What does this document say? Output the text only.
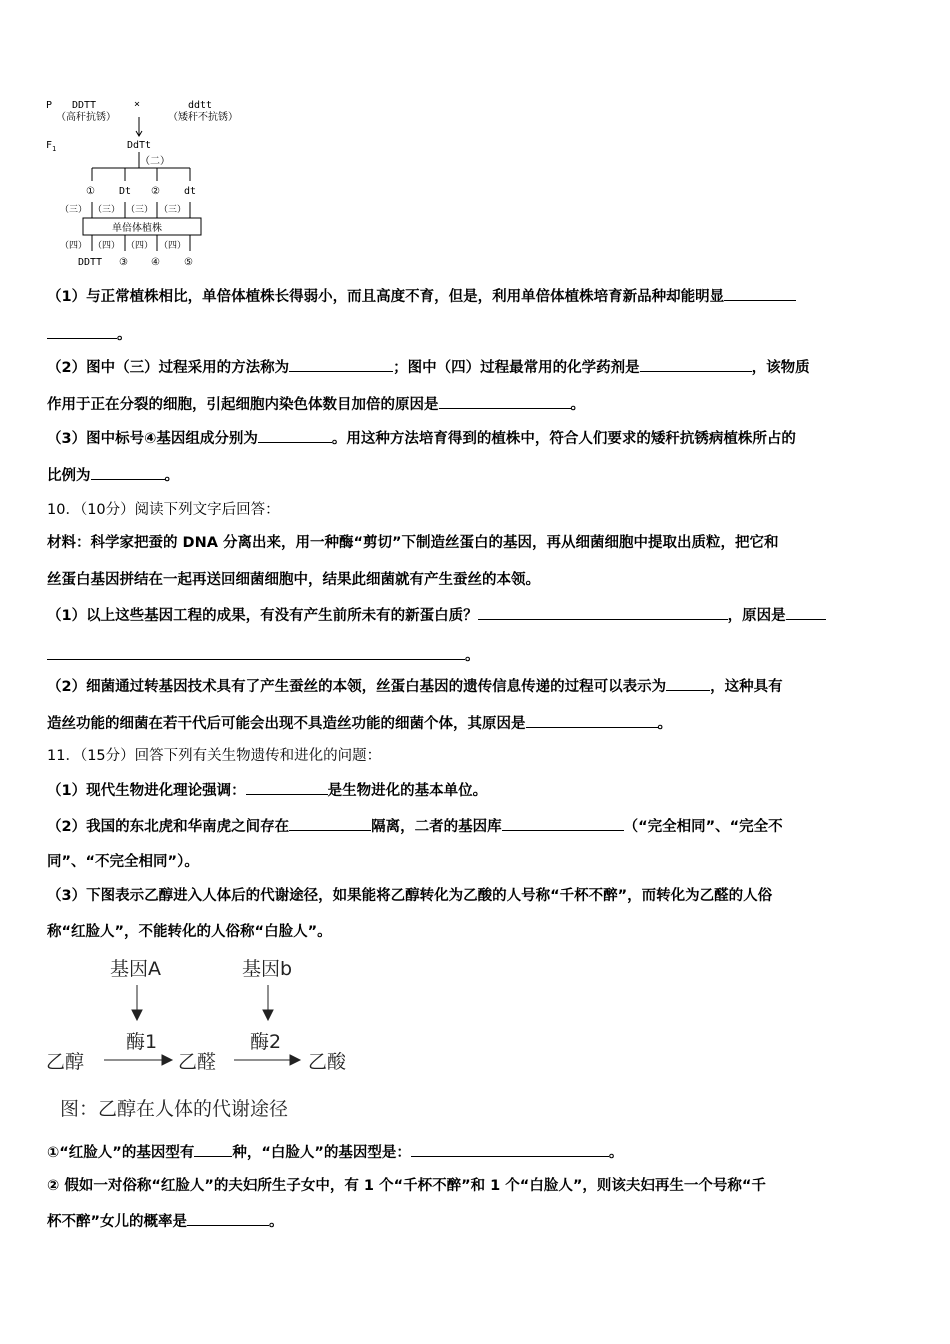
P DDTT
（高秆抗锈）
×	ddtt
（矮秆不抗锈）
$F_1$	DdTt
（二）
① Dt ② dt
（三） （三） （三） （三）
单倍体植株
（四） （四） （四） （四）
DDTT ③ ④ ⑤
（1）与正常植株相比，单倍体植株长得弱小，而且高度不育，但是，利用单倍体植株培育新品种却能明显
。
（2）图中（三）过程采用的方法称为	；图中（四）过程最常用的化学药剂是	，该物质
作用于正在分裂的细胞，引起细胞内染色体数目加倍的原因是	。
（3）图中标号④基因组成分别为	。用这种方法培育得到的植株中，符合人们要求的矮秆抗锈病植株所占的
比例为	。
10．（10分）阅读下列文字后回答：
材料：科学家把蚕的 DNA 分离出来，用一种酶“剪切”下制造丝蛋白的基因，再从细菌细胞中提取出质粒，把它和
丝蛋白基因拼结在一起再送回细菌细胞中，结果此细菌就有产生蚕丝的本领。
（1）以上这些基因工程的成果，有没有产生前所未有的新蛋白质？	，原因是
。
（2）细菌通过转基因技术具有了产生蚕丝的本领，丝蛋白基因的遗传信息传递的过程可以表示为	，这种具有
造丝功能的细菌在若干代后可能会出现不具造丝功能的细菌个体，其原因是	。
11．（15分）回答下列有关生物遗传和进化的问题：
（1）现代生物进化理论强调：	是生物进化的基本单位。
（2）我国的东北虎和华南虎之间存在	隔离，二者的基因库	（“完全相同”、“完全不
同”、“不完全相同”）。
（3）下图表示乙醇进入人体后的代谢途径，如果能将乙醇转化为乙酸的人号称“千杯不醉”，而转化为乙醛的人俗
称“红脸人”，不能转化的人俗称“白脸人”。
基因A	基因b
酶1	酶2
乙醇	乙醛	乙酸
图：乙醇在人体的代谢途径
①“红脸人”的基因型有	种，“白脸人”的基因型是：	。
② 假如一对俗称“红脸人”的夫妇所生子女中，有 1 个“千杯不醉”和 1 个“白脸人”，则该夫妇再生一个号称“千
杯不醉”女儿的概率是	。
